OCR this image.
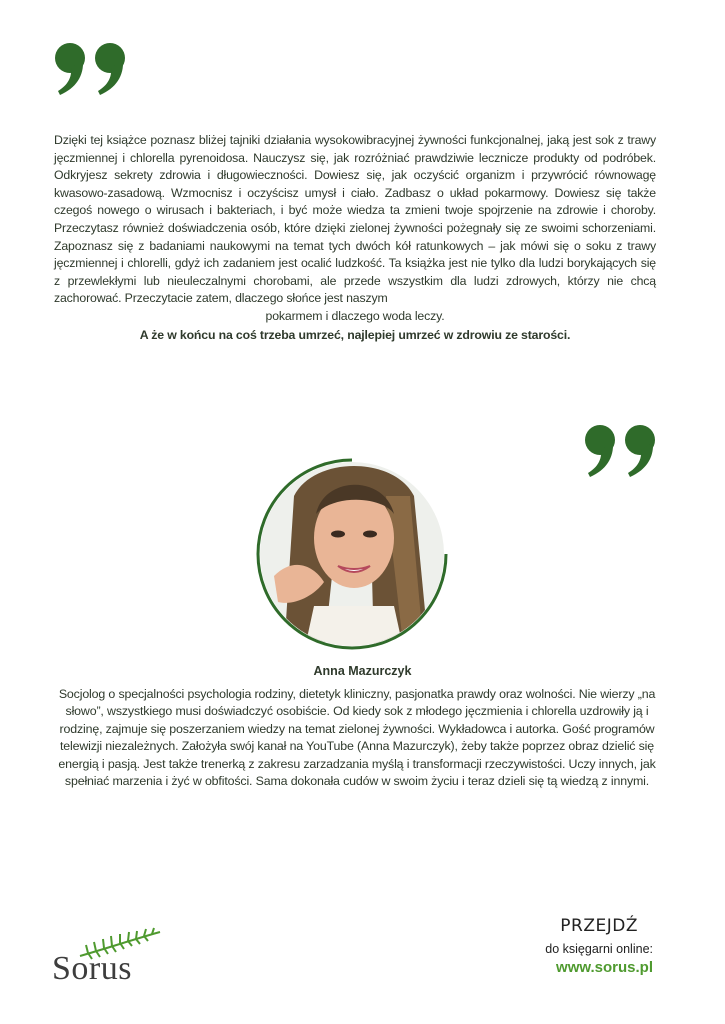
Dzięki tej książce poznasz bliżej tajniki działania wysokowibracyjnej żywności funkcjonalnej, jaką jest sok z trawy jęczmiennej i chlorella pyrenoidosa. Nauczysz się, jak rozróżniać prawdziwie lecznicze produkty od podróbek. Odkryjesz sekrety zdrowia i długowieczności. Dowiesz się, jak oczyścić organizm i przywrócić równowagę kwasowo-zasadową. Wzmocnisz i oczyścisz umysł i ciało. Zadbasz o układ pokarmowy. Dowiesz się także czegoś nowego o wirusach i bakteriach, i być może wiedza ta zmieni twoje spojrzenie na zdrowie i choroby. Przeczytasz również doświadczenia osób, które dzięki zielonej żywności pożegnały się ze swoimi schorzeniami. Zapoznasz się z badaniami naukowymi na temat tych dwóch kół ratunkowych – jak mówi się o soku z trawy jęczmiennej i chlorelli, gdyż ich zadaniem jest ocalić ludzkość. Ta książka jest nie tylko dla ludzi borykających się z przewlekłymi lub nieuleczalnymi chorobami, ale przede wszystkim dla ludzi zdrowych, którzy nie chcą zachorować. Przeczytacie zatem, dlaczego słońce jest naszym

pokarmem i dlaczego woda leczy.

A że w końcu na coś trzeba umrzeć, najlepiej umrzeć w zdrowiu ze starości.

Anna Mazurczyk

Socjolog o specjalności psychologia rodziny, dietetyk kliniczny, pasjonatka prawdy oraz wolności. Nie wierzy „na słowo”, wszystkiego musi doświadczyć osobiście. Od kiedy sok z młodego jęczmienia i chlorella uzdrowiły ją i rodzinę, zajmuje się poszerzaniem wiedzy na temat zielonej żywności. Wykładowca i autorka. Gość programów telewizji niezależnych. Założyła swój kanał na YouTube (Anna Mazurczyk), żeby także poprzez obraz dzielić się energią i pasją. Jest także trenerką z zakresu zarzadzania myślą i transformacji rzeczywistości. Uczy innych, jak spełniać marzenia i żyć w obfitości. Sama dokonała cudów w swoim życiu i teraz dzieli się tą wiedzą z innymi.

Sorus
PRZEJDŹ
do księgarni online:
www.sorus.pl
